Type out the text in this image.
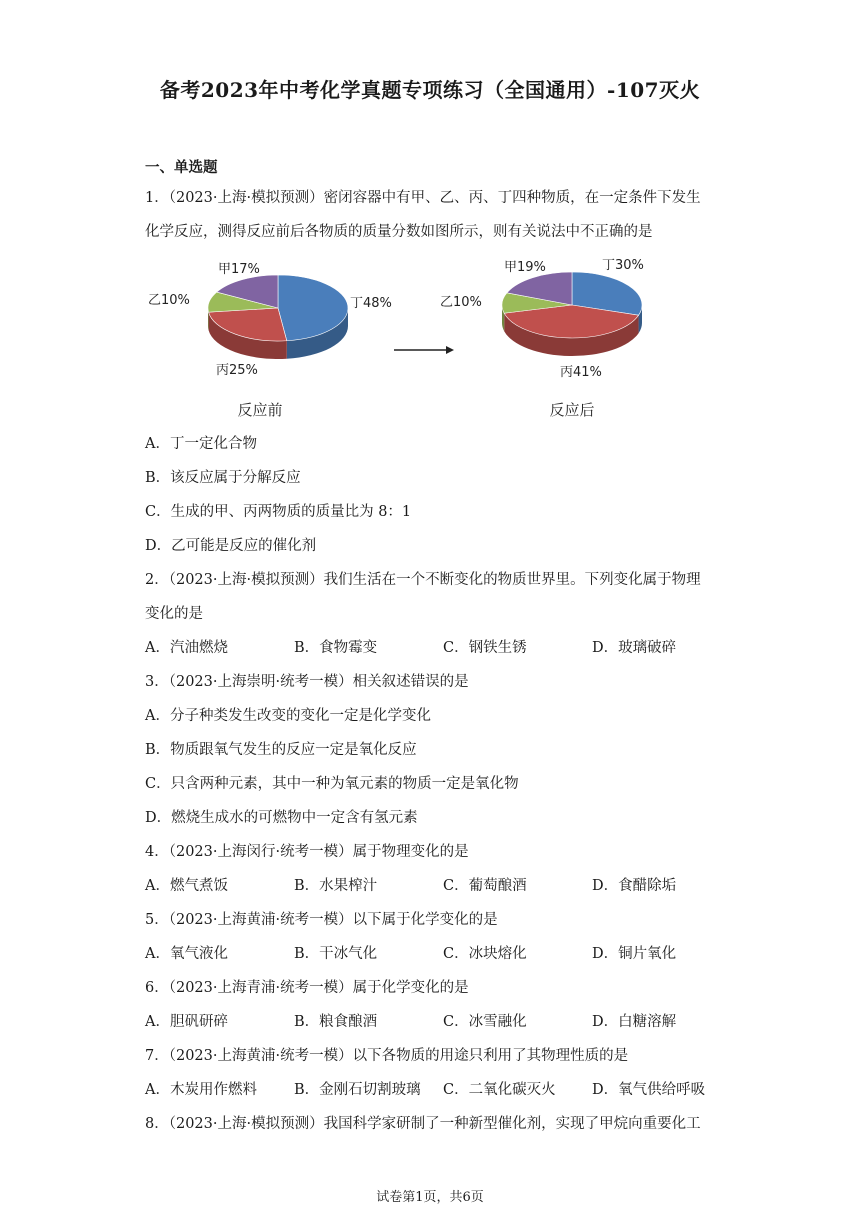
备考2023年中考化学真题专项练习（全国通用）-107灭火
一、单选题
1．（2023·上海·模拟预测）密闭容器中有甲、乙、丙、丁四种物质，在一定条件下发生
化学反应，测得反应前后各物质的质量分数如图所示，则有关说法中不正确的是
反应前	反应后
甲17%
乙10%	丁48%
丙25%
甲19%
乙10%
丁30%
丙41%
A．丁一定化合物
B．该反应属于分解反应
C．生成的甲、丙两物质的质量比为 8：1
D．乙可能是反应的催化剂
2．（2023·上海·模拟预测）我们生活在一个不断变化的物质世界里。下列变化属于物理
变化的是
A．汽油燃烧	B．食物霉变	C．钢铁生锈	D．玻璃破碎
3．（2023·上海崇明·统考一模）相关叙述错误的是
A．分子种类发生改变的变化一定是化学变化
B．物质跟氧气发生的反应一定是氧化反应
C．只含两种元素，其中一种为氧元素的物质一定是氧化物
D．燃烧生成水的可燃物中一定含有氢元素
4．（2023·上海闵行·统考一模）属于物理变化的是
A．燃气煮饭	B．水果榨汁	C．葡萄酿酒	D．食醋除垢
5．（2023·上海黄浦·统考一模）以下属于化学变化的是
A．氧气液化	B．干冰气化	C．冰块熔化	D．铜片氧化
6．（2023·上海青浦·统考一模）属于化学变化的是
A．胆矾研碎	B．粮食酿酒	C．冰雪融化	D．白糖溶解
7．（2023·上海黄浦·统考一模）以下各物质的用途只利用了其物理性质的是
A．木炭用作燃料	B．金刚石切割玻璃 C．二氧化碳灭火	D．氧气供给呼吸
8．（2023·上海·模拟预测）我国科学家研制了一种新型催化剂，实现了甲烷向重要化工
试卷第1页，共6页
